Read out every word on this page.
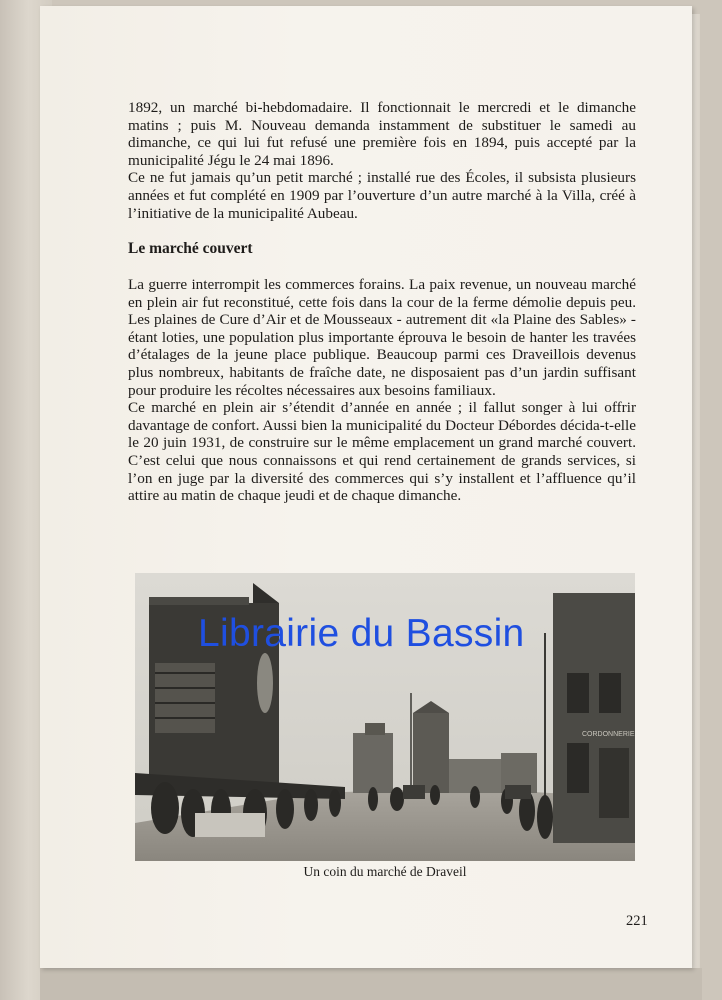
1892, un marché bi-hebdomadaire. Il fonctionnait le mercredi et le dimanche matins ; puis M. Nouveau demanda instamment de substituer le samedi au dimanche, ce qui lui fut refusé une première fois en 1894, puis accepté par la municipalité Jégu le 24 mai 1896.

Ce ne fut jamais qu’un petit marché ; installé rue des Écoles, il subsista plusieurs années et fut complété en 1909 par l’ouverture d’un autre marché à la Villa, créé à l’initiative de la municipalité Aubeau.

Le marché couvert

La guerre interrompit les commerces forains. La paix revenue, un nouveau marché en plein air fut reconstitué, cette fois dans la cour de la ferme démolie depuis peu. Les plaines de Cure d’Air et de Mousseaux - autrement dit «la Plaine des Sables» - étant loties, une population plus importante éprouva le besoin de hanter les travées d’étalages de la jeune place publique. Beaucoup parmi ces Draveillois devenus plus nombreux, habitants de fraîche date, ne disposaient pas d’un jardin suffisant pour produire les récoltes nécessaires aux besoins familiaux.

Ce marché en plein air s’étendit d’année en année ; il fallut songer à lui offrir davantage de confort. Aussi bien la municipalité du Docteur Débordes décida-t-elle le 20 juin 1931, de construire sur le même emplacement un grand marché couvert. C’est celui que nous connaissons et qui rend certainement de grands services, si l’on en juge par la diversité des commerces qui s’y installent et l’affluence qu’il attire au matin de chaque jeudi et de chaque dimanche.

CORDONNERIE
Librairie du Bassin
Un coin du marché de Draveil
221
